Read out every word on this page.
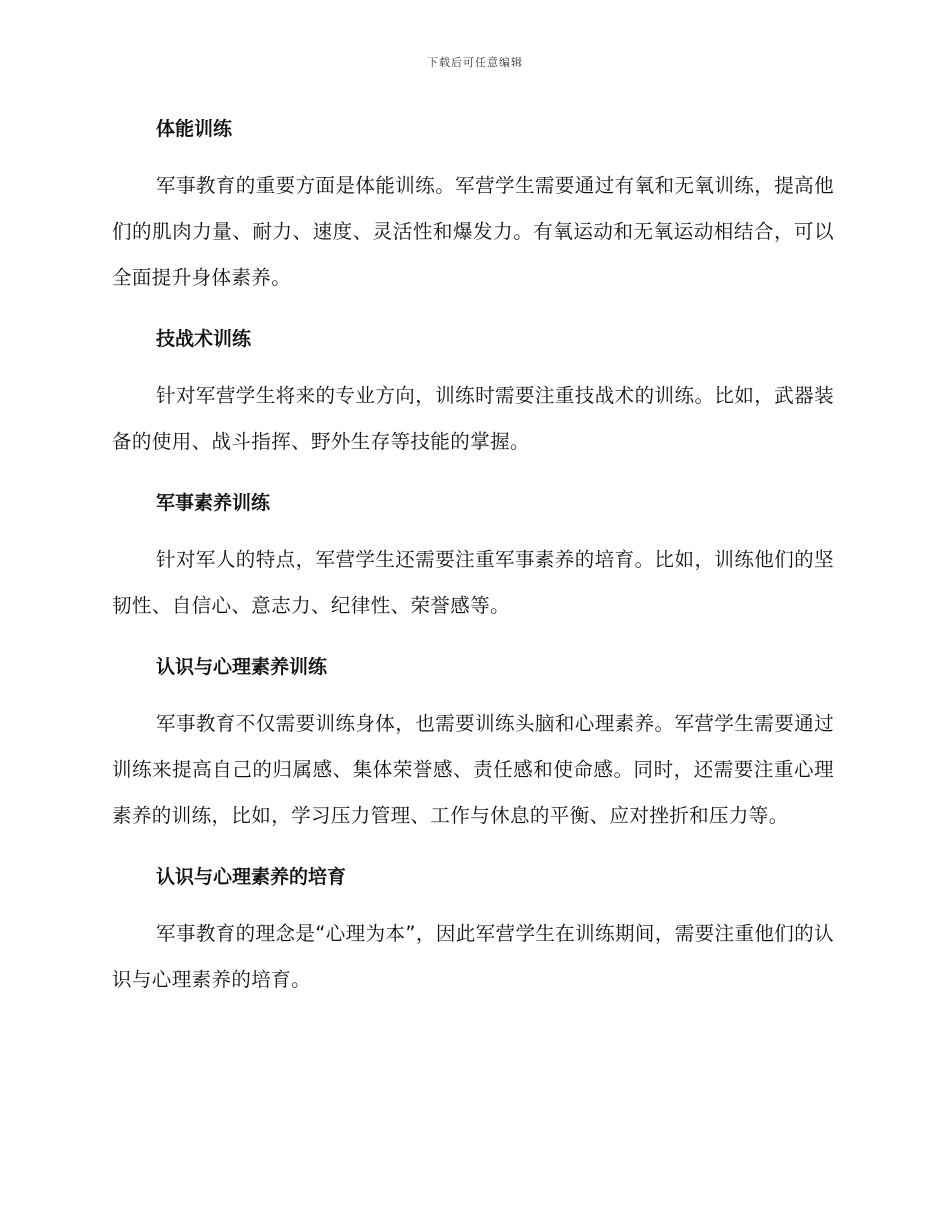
下载后可任意编辑
体能训练

军事教育的重要方面是体能训练。军营学生需要通过有氧和无氧训练，提高他们的肌肉力量、耐力、速度、灵活性和爆发力。有氧运动和无氧运动相结合，可以全面提升身体素养。

技战术训练

针对军营学生将来的专业方向，训练时需要注重技战术的训练。比如，武器装备的使用、战斗指挥、野外生存等技能的掌握。

军事素养训练

针对军人的特点，军营学生还需要注重军事素养的培育。比如，训练他们的坚韧性、自信心、意志力、纪律性、荣誉感等。

认识与心理素养训练

军事教育不仅需要训练身体，也需要训练头脑和心理素养。军营学生需要通过训练来提高自己的归属感、集体荣誉感、责任感和使命感。同时，还需要注重心理素养的训练，比如，学习压力管理、工作与休息的平衡、应对挫折和压力等。

认识与心理素养的培育

军事教育的理念是“心理为本”，因此军营学生在训练期间，需要注重他们的认识与心理素养的培育。
